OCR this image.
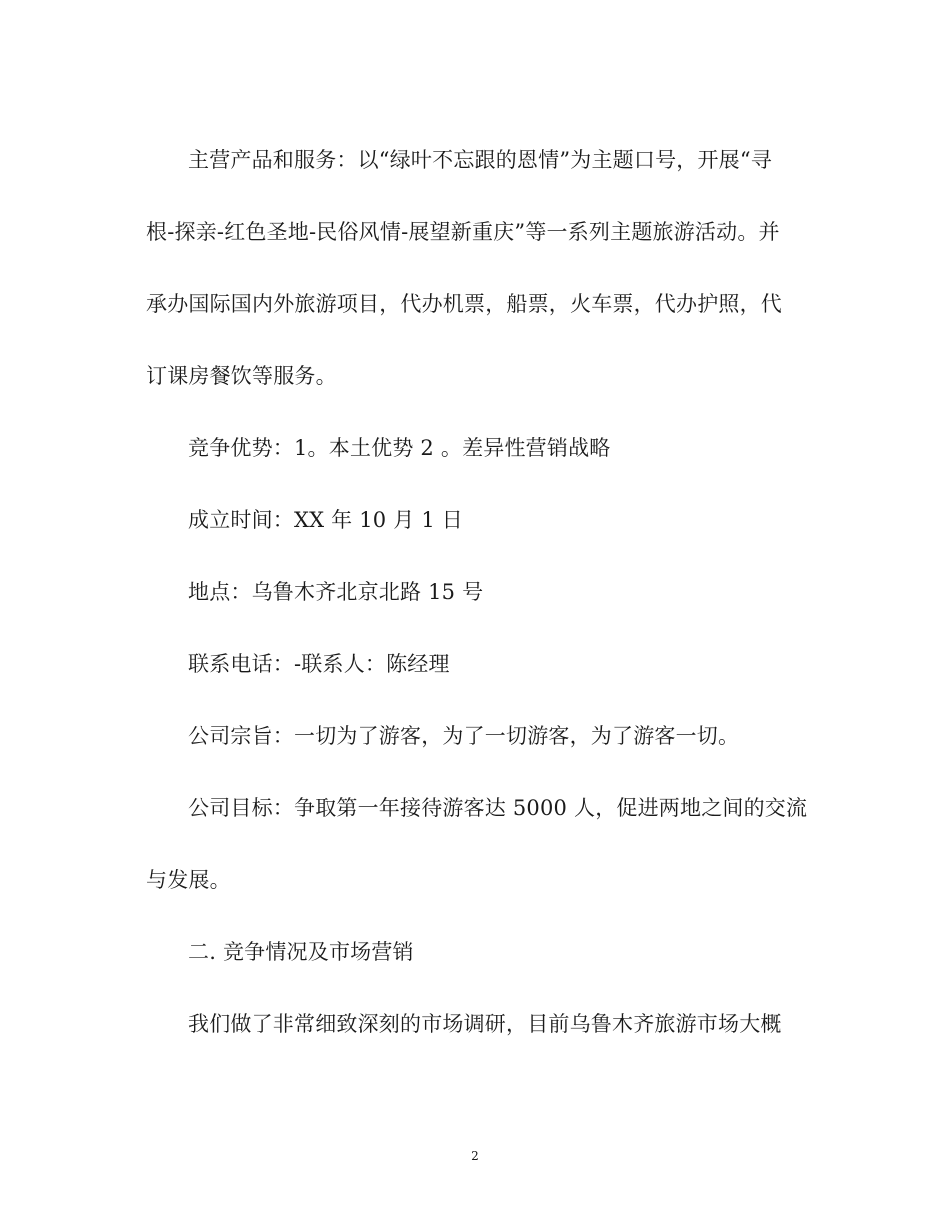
主营产品和服务：以“绿叶不忘跟的恩情”为主题口号，开展“寻
根-探亲-红色圣地-民俗风情-展望新重庆”等一系列主题旅游活动。并
承办国际国内外旅游项目，代办机票，船票，火车票，代办护照，代
订课房餐饮等服务。
竞争优势：1。本土优势 2 。差异性营销战略
成立时间：XX 年 10 月 1 日
地点：乌鲁木齐北京北路 15 号
联系电话：-联系人：陈经理
公司宗旨：一切为了游客，为了一切游客，为了游客一切。
公司目标：争取第一年接待游客达 5000 人，促进两地之间的交流
与发展。
二. 竞争情况及市场营销
我们做了非常细致深刻的市场调研，目前乌鲁木齐旅游市场大概
2
